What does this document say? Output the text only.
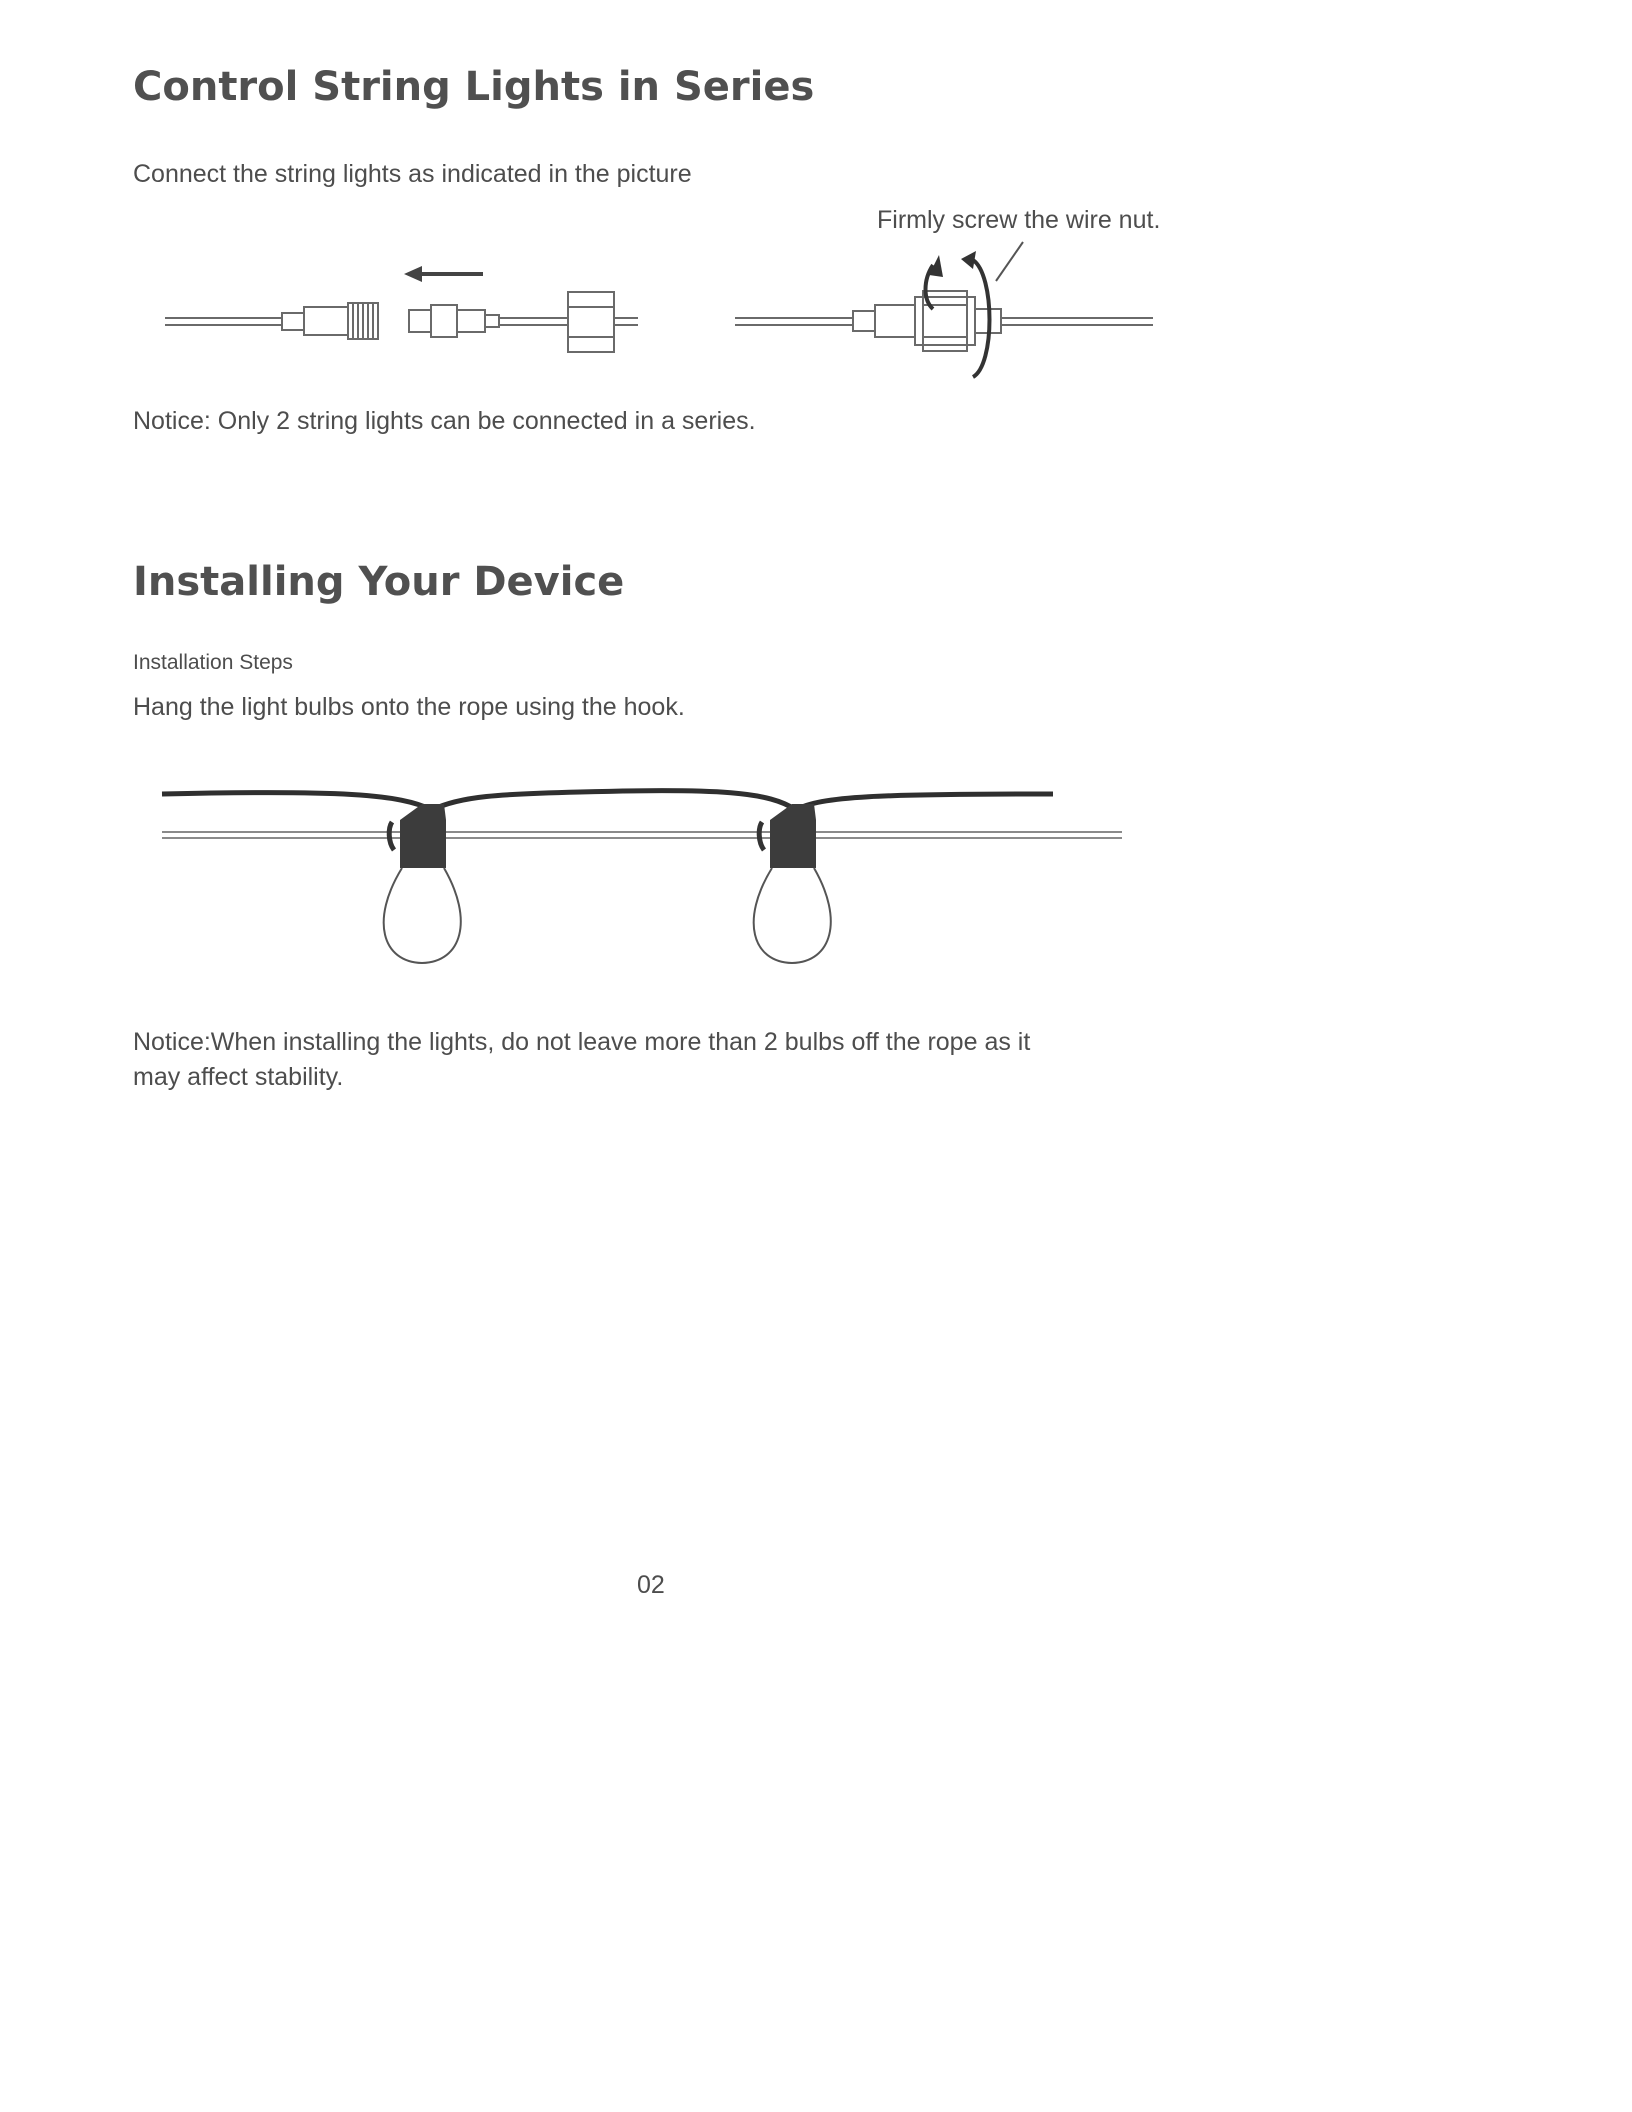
Control String Lights in Series
Connect the string lights as indicated in the picture
Firmly screw the wire nut.
Notice: Only 2 string lights can be connected in a series.
Installing Your Device
Installation Steps
Hang the light bulbs onto the rope using the hook.
Notice:When installing the lights, do not leave more than 2 bulbs off the rope as it
may affect stability.
02
